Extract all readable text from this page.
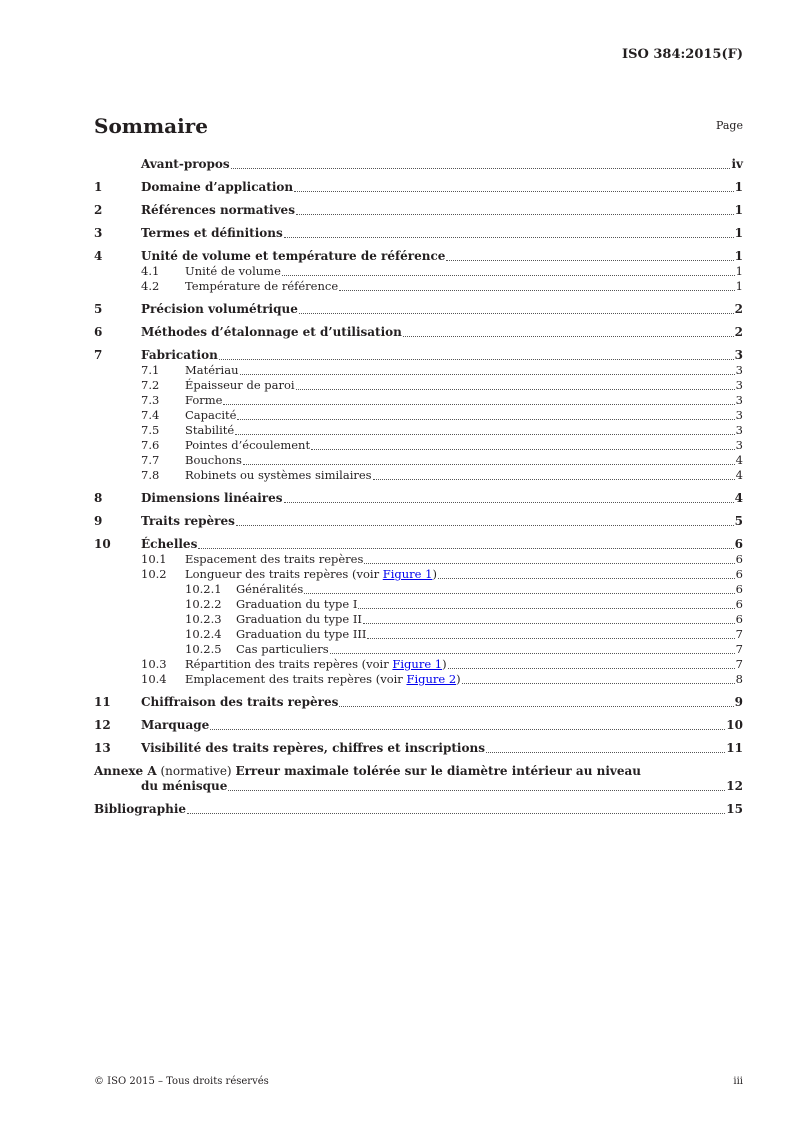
ISO 384:2015(F)
Sommaire	Page
Avant-propos	iv
1	Domaine d’application	1
2	Références normatives	1
3	Termes et définitions	1
4	Unité de volume et température de référence	1
4.1	Unité de volume	1
4.2	Température de référence	1
5	Précision volumétrique	2
6	Méthodes d’étalonnage et d’utilisation	2
7	Fabrication	3
7.1	Matériau	3
7.2	Épaisseur de paroi	3
7.3	Forme	3
7.4	Capacité	3
7.5	Stabilité	3
7.6	Pointes d’écoulement	3
7.7	Bouchons	4
7.8	Robinets ou systèmes similaires	4
8	Dimensions linéaires	4
9	Traits repères	5
10	Échelles	6
10.1	Espacement des traits repères	6
10.2	Longueur des traits repères (voir Figure 1)	6
10.2.1	Généralités	6
10.2.2	Graduation du type I	6
10.2.3	Graduation du type II	6
10.2.4	Graduation du type III	7
10.2.5	Cas particuliers	7
10.3	Répartition des traits repères (voir Figure 1)	7
10.4	Emplacement des traits repères (voir Figure 2)	8
11	Chiffraison des traits repères	9
12	Marquage	10
13	Visibilité des traits repères, chiffres et inscriptions	11
Annexe A (normative) Erreur maximale tolérée sur le diamètre intérieur au niveau
du ménisque	12
Bibliographie	15
© ISO 2015 – Tous droits réservés	iii
